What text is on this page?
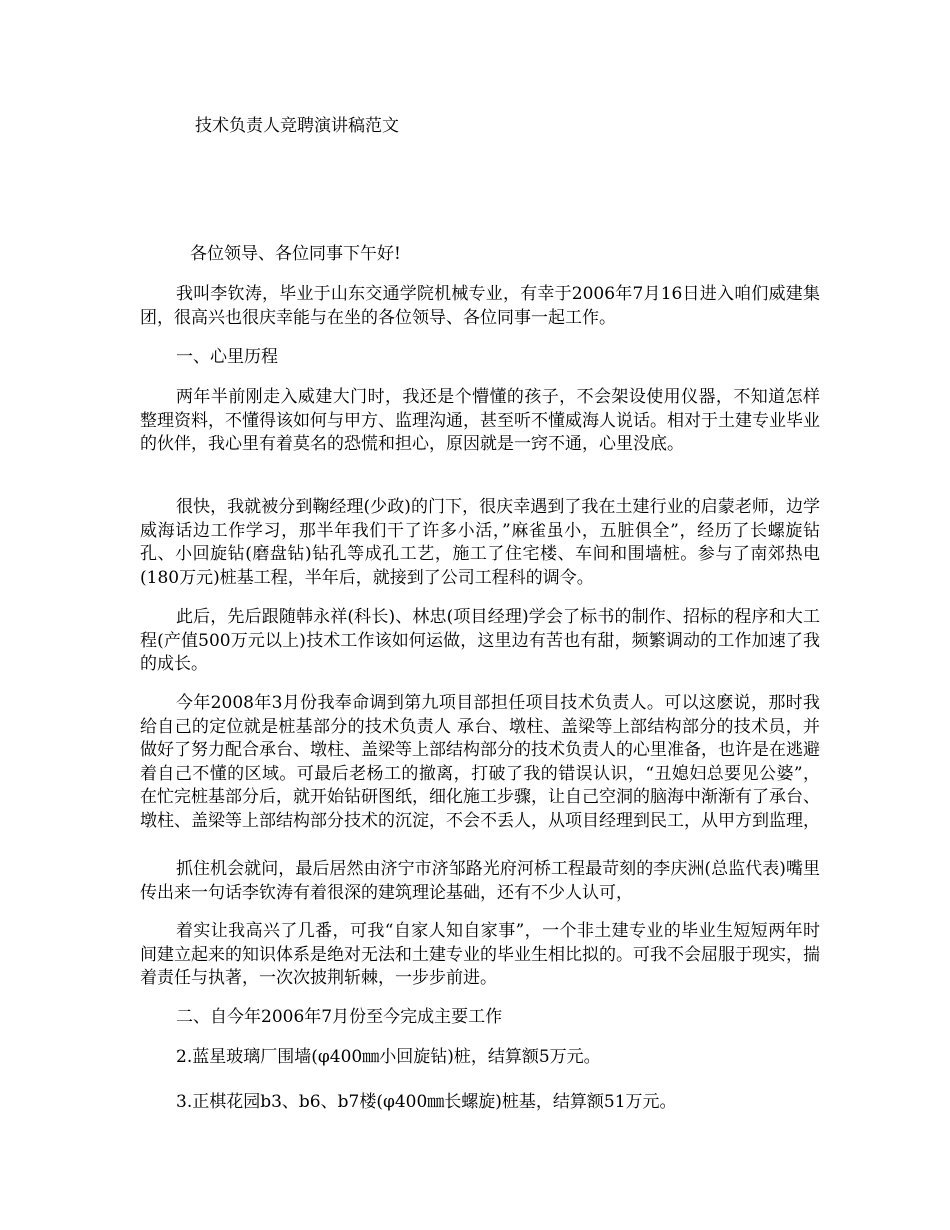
技术负责人竞聘演讲稿范文
各位领导、各位同事下午好!

我叫李钦涛，毕业于山东交通学院机械专业，有幸于2006年7月16日进入咱们威建集团，很高兴也很庆幸能与在坐的各位领导、各位同事一起工作。

一、心里历程

两年半前刚走入威建大门时，我还是个懵懂的孩子，不会架设使用仪器，不知道怎样整理资料，不懂得该如何与甲方、监理沟通，甚至听不懂威海人说话。相对于土建专业毕业的伙伴，我心里有着莫名的恐慌和担心，原因就是一窍不通，心里没底。

很快，我就被分到鞠经理(少政)的门下，很庆幸遇到了我在土建行业的启蒙老师，边学威海话边工作学习，那半年我们干了许多小活，”麻雀虽小，五脏俱全”，经历了长螺旋钻孔、小回旋钻(磨盘钻)钻孔等成孔工艺，施工了住宅楼、车间和围墙桩。参与了南郊热电(180万元)桩基工程，半年后，就接到了公司工程科的调令。

此后，先后跟随韩永祥(科长)、林忠(项目经理)学会了标书的制作、招标的程序和大工程(产值500万元以上)技术工作该如何运做，这里边有苦也有甜，频繁调动的工作加速了我的成长。

今年2008年3月份我奉命调到第九项目部担任项目技术负责人。可以这麽说，那时我给自己的定位就是桩基部分的技术负责人 承台、墩柱、盖梁等上部结构部分的技术员，并做好了努力配合承台、墩柱、盖梁等上部结构部分的技术负责人的心里准备，也许是在逃避着自己不懂的区域。可最后老杨工的撤离，打破了我的错误认识，“丑媳妇总要见公婆”，在忙完桩基部分后，就开始钻研图纸，细化施工步骤，让自己空洞的脑海中渐渐有了承台、墩柱、盖梁等上部结构部分技术的沉淀，不会不丢人，从项目经理到民工，从甲方到监理，

抓住机会就问，最后居然由济宁市济邹路光府河桥工程最苛刻的李庆洲(总监代表)嘴里传出来一句话李钦涛有着很深的建筑理论基础，还有不少人认可，

着实让我高兴了几番，可我“自家人知自家事”，一个非土建专业的毕业生短短两年时间建立起来的知识体系是绝对无法和土建专业的毕业生相比拟的。可我不会屈服于现实，揣着责任与执著，一次次披荆斩棘，一步步前进。

二、自今年2006年7月份至今完成主要工作

2.蓝星玻璃厂围墙(φ400㎜小回旋钻)桩，结算额5万元。

3.正棋花园b3、b6、b7楼(φ400㎜长螺旋)桩基，结算额51万元。
